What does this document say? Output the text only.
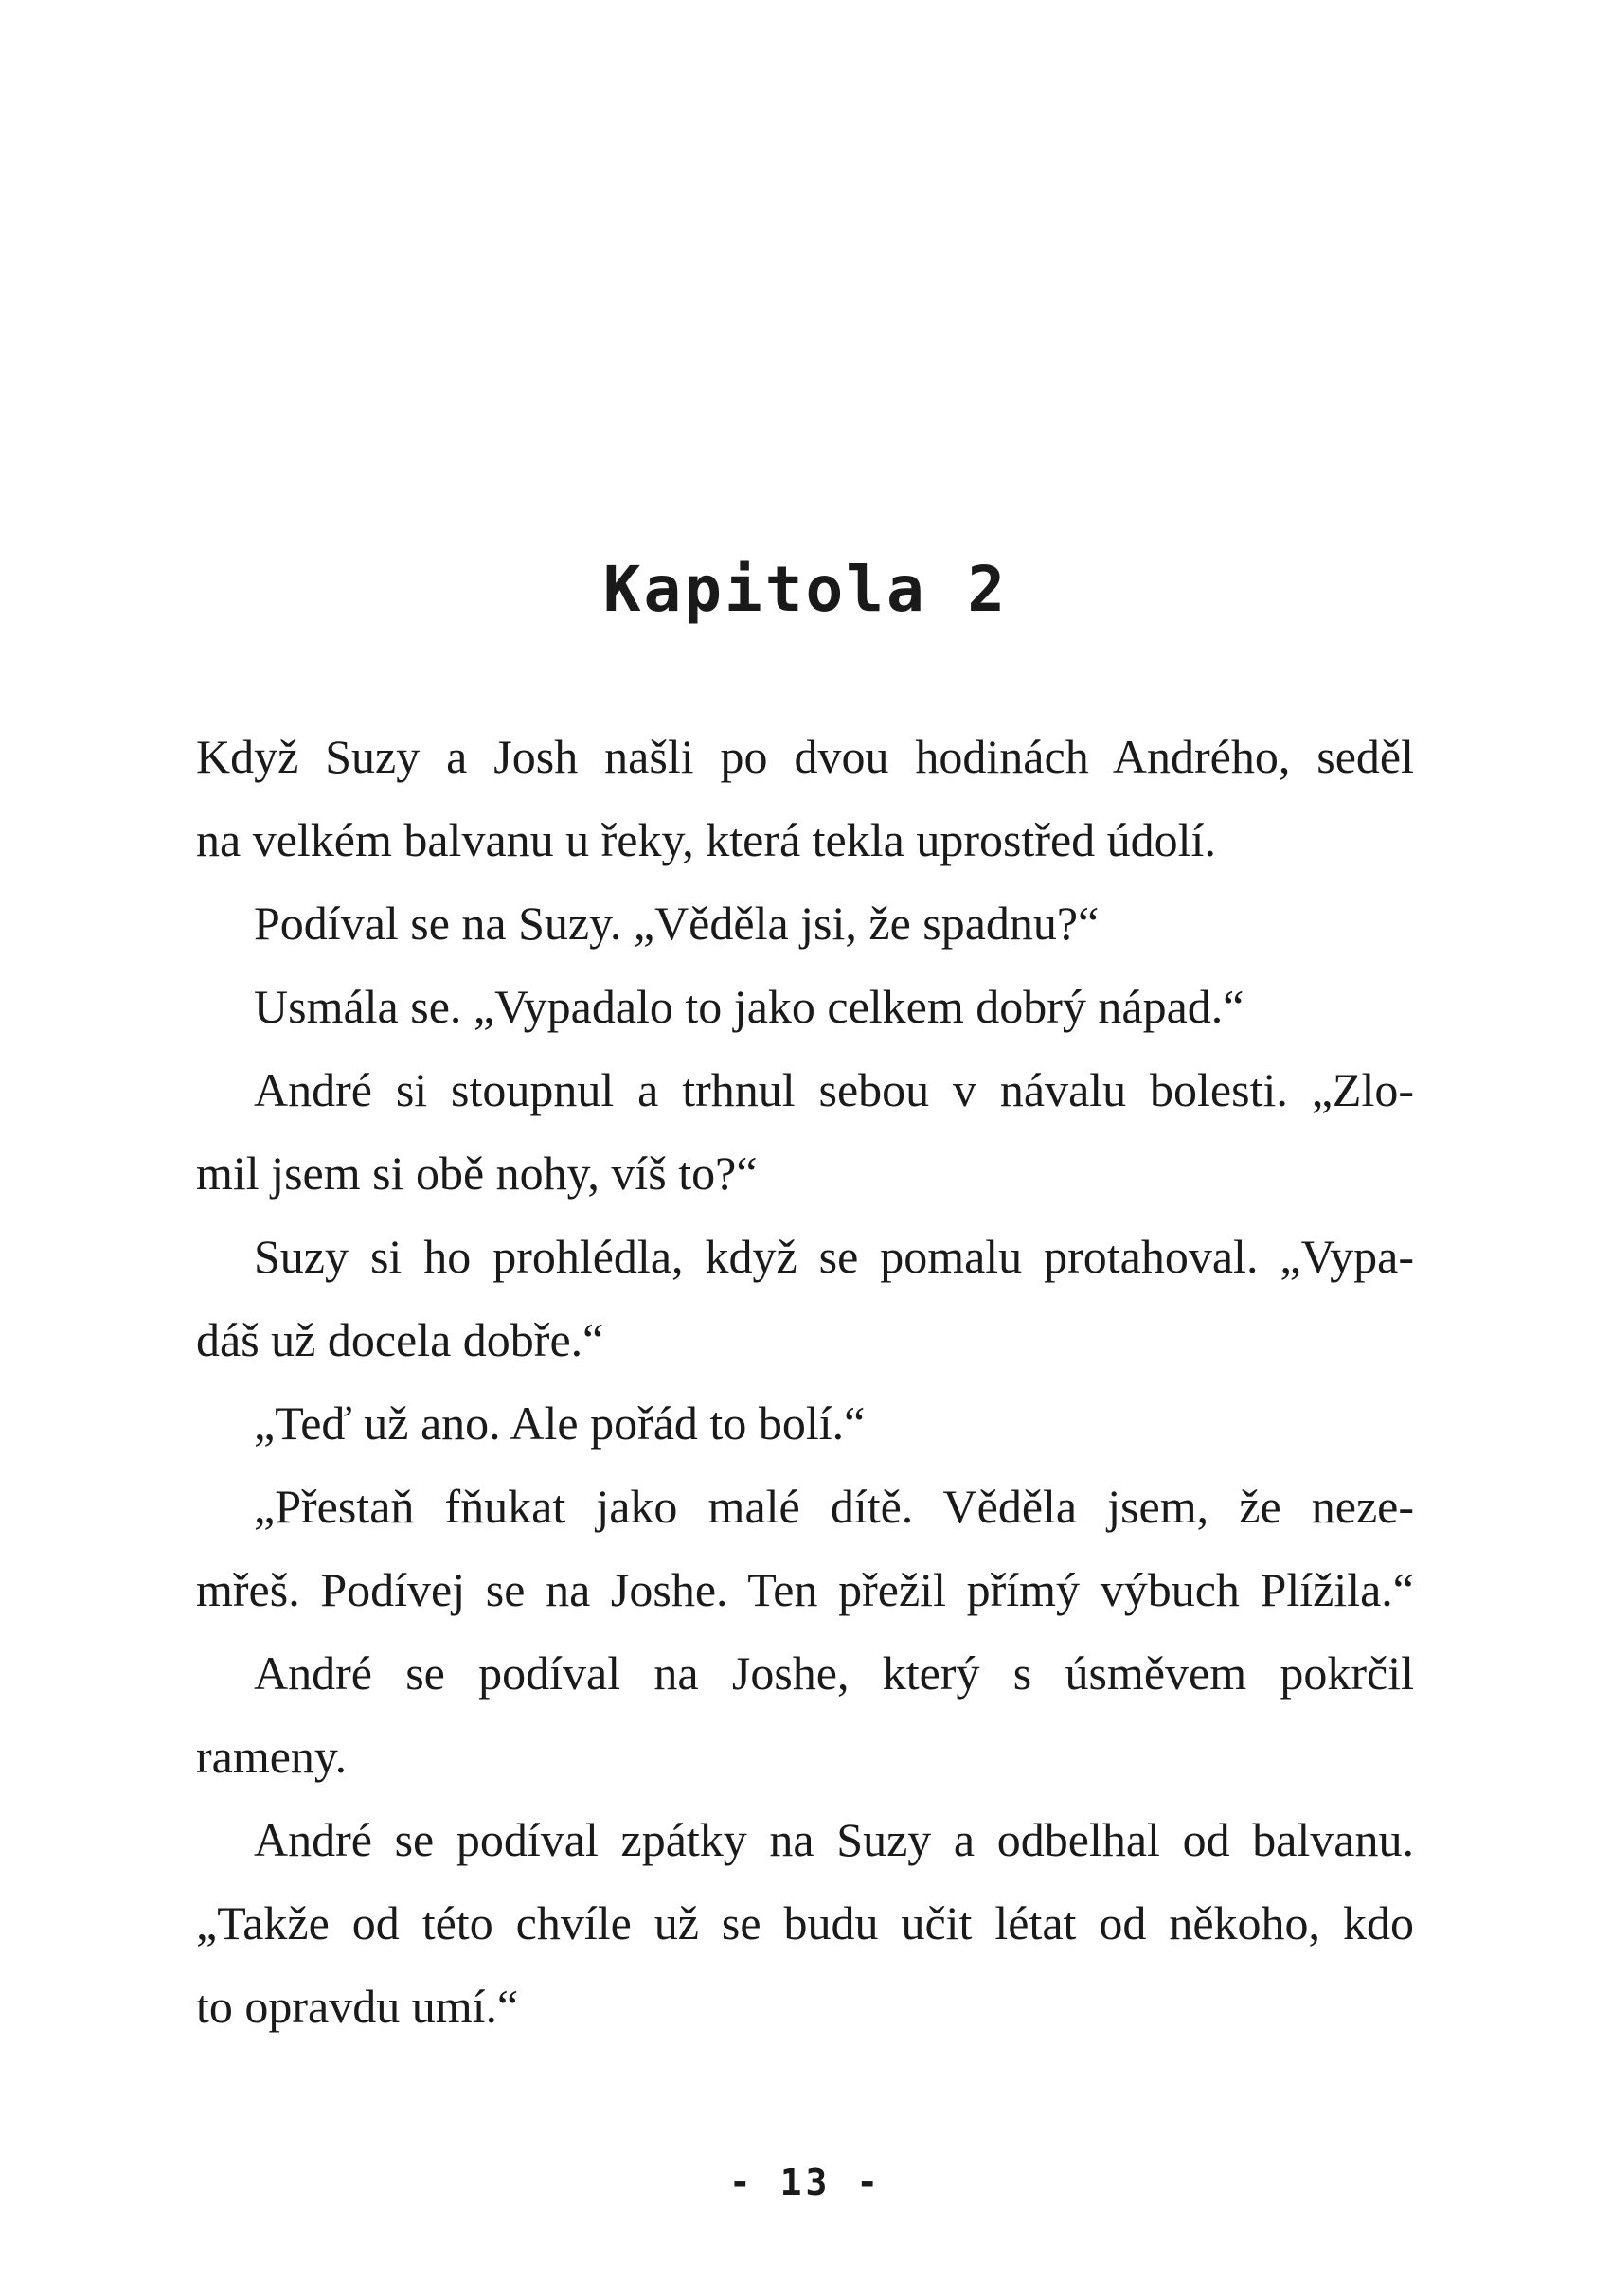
Kapitola 2
Když Suzy a Josh našli po dvou hodinách Andrého, seděl
na velkém balvanu u řeky, která tekla uprostřed údolí.
Podíval se na Suzy. „Věděla jsi, že spadnu?“
Usmála se. „Vypadalo to jako celkem dobrý nápad.“
André si stoupnul a trhnul sebou v návalu bolesti. „Zlo-
mil jsem si obě nohy, víš to?“
Suzy si ho prohlédla, když se pomalu protahoval. „Vypa-
dáš už docela dobře.“
„Teď už ano. Ale pořád to bolí.“
„Přestaň fňukat jako malé dítě. Věděla jsem, že neze-
mřeš. Podívej se na Joshe. Ten přežil přímý výbuch Plížila.“
André se podíval na Joshe, který s úsměvem pokrčil
rameny.
André se podíval zpátky na Suzy a odbelhal od balvanu.
„Takže od této chvíle už se budu učit létat od někoho, kdo
to opravdu umí.“
- 13 -
